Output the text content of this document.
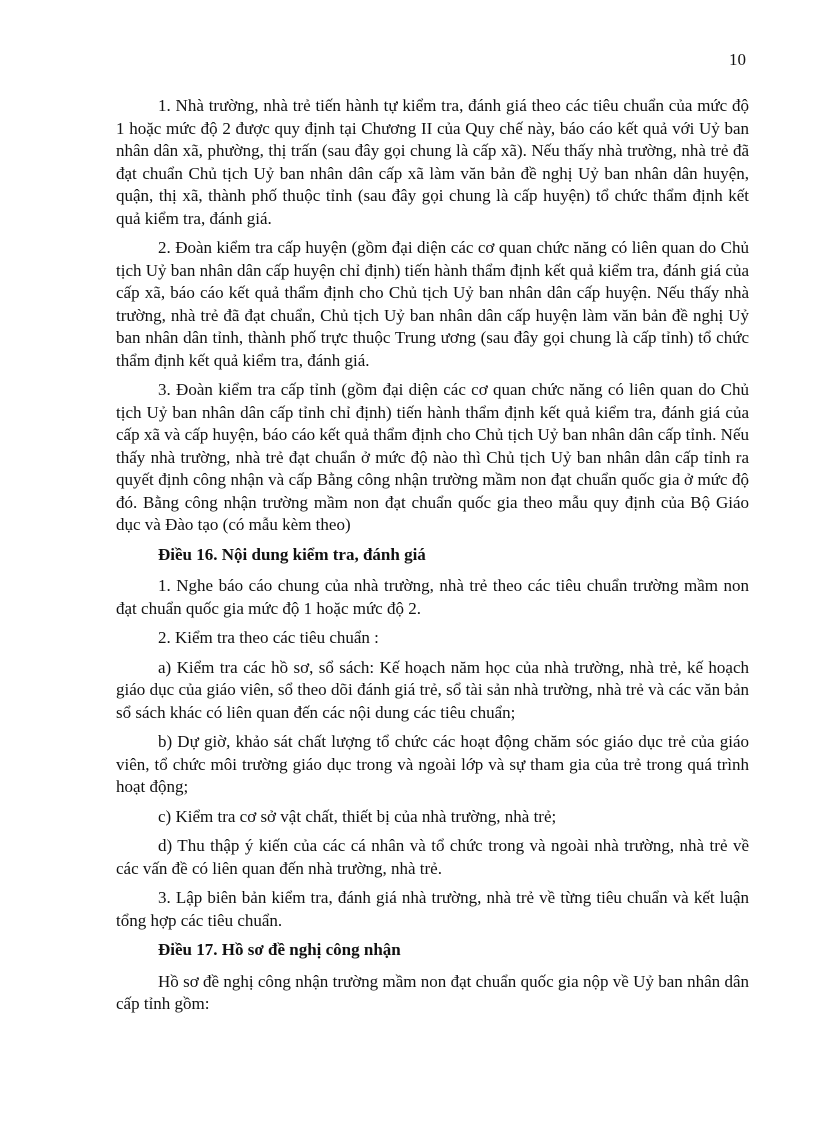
10

1. Nhà trường, nhà trẻ tiến hành tự kiểm tra, đánh giá theo các tiêu chuẩn của mức độ 1 hoặc mức độ 2 được quy định tại Chương II của Quy chế này, báo cáo kết quả với Uỷ ban nhân dân xã, phường, thị trấn (sau đây gọi chung là cấp xã). Nếu thấy nhà trường, nhà trẻ đã đạt chuẩn Chủ tịch Uỷ ban nhân dân cấp xã làm văn bản đề nghị Uỷ ban nhân dân huyện, quận, thị xã, thành phố thuộc tỉnh (sau đây gọi chung là cấp huyện) tổ chức thẩm định kết quả kiểm tra, đánh giá.

2. Đoàn kiểm tra cấp huyện (gồm đại diện các cơ quan chức năng có liên quan do Chủ tịch Uỷ ban nhân dân cấp huyện chỉ định) tiến hành thẩm định kết quả kiểm tra, đánh giá của cấp xã, báo cáo kết quả thẩm định cho Chủ tịch Uỷ ban nhân dân cấp huyện. Nếu thấy nhà trường, nhà trẻ đã đạt chuẩn, Chủ tịch Uỷ ban nhân dân cấp huyện làm văn bản đề nghị Uỷ ban nhân dân tỉnh, thành phố trực thuộc Trung ương (sau đây gọi chung là cấp tỉnh) tổ chức thẩm định kết quả kiểm tra, đánh giá.

3. Đoàn kiểm tra cấp tỉnh (gồm đại diện các cơ quan chức năng có liên quan do Chủ tịch Uỷ ban nhân dân cấp tỉnh chỉ định) tiến hành thẩm định kết quả kiểm tra, đánh giá của cấp xã và cấp huyện, báo cáo kết quả thẩm định cho Chủ tịch Uỷ ban nhân dân cấp tỉnh. Nếu thấy nhà trường, nhà trẻ đạt chuẩn ở mức độ nào thì Chủ tịch Uỷ ban nhân dân cấp tỉnh ra quyết định công nhận và cấp Bằng công nhận trường mầm non đạt chuẩn quốc gia ở mức độ đó. Bằng công nhận trường mầm non đạt chuẩn quốc gia theo mẫu quy định của Bộ Giáo dục và Đào tạo (có mẫu kèm theo)

Điều 16. Nội dung kiểm tra, đánh giá

1. Nghe báo cáo chung của nhà trường, nhà trẻ theo các tiêu chuẩn trường mầm non đạt chuẩn quốc gia mức độ 1 hoặc mức độ 2.

2. Kiểm tra theo các tiêu chuẩn :

a) Kiểm tra các hồ sơ, sổ sách: Kế hoạch năm học của nhà trường, nhà trẻ, kế hoạch giáo dục của giáo viên, sổ theo dõi đánh giá trẻ, sổ tài sản nhà trường, nhà trẻ và các văn bản sổ sách khác có liên quan đến các nội dung các tiêu chuẩn;

b) Dự giờ, khảo sát chất lượng tổ chức các hoạt động chăm sóc giáo dục trẻ của giáo viên, tổ chức môi trường giáo dục trong và ngoài lớp và sự tham gia của trẻ trong quá trình hoạt động;

c) Kiểm tra cơ sở vật chất, thiết bị của nhà trường, nhà trẻ;

d) Thu thập ý kiến của các cá nhân và tổ chức trong và ngoài nhà trường, nhà trẻ về các vấn đề có liên quan đến nhà trường, nhà trẻ.

3. Lập biên bản kiểm tra, đánh giá nhà trường, nhà trẻ về từng tiêu chuẩn và kết luận tổng hợp các tiêu chuẩn.

Điều 17. Hồ sơ đề nghị công nhận

Hồ sơ đề nghị công nhận trường mầm non đạt chuẩn quốc gia nộp về Uỷ ban nhân dân cấp tỉnh gồm:
